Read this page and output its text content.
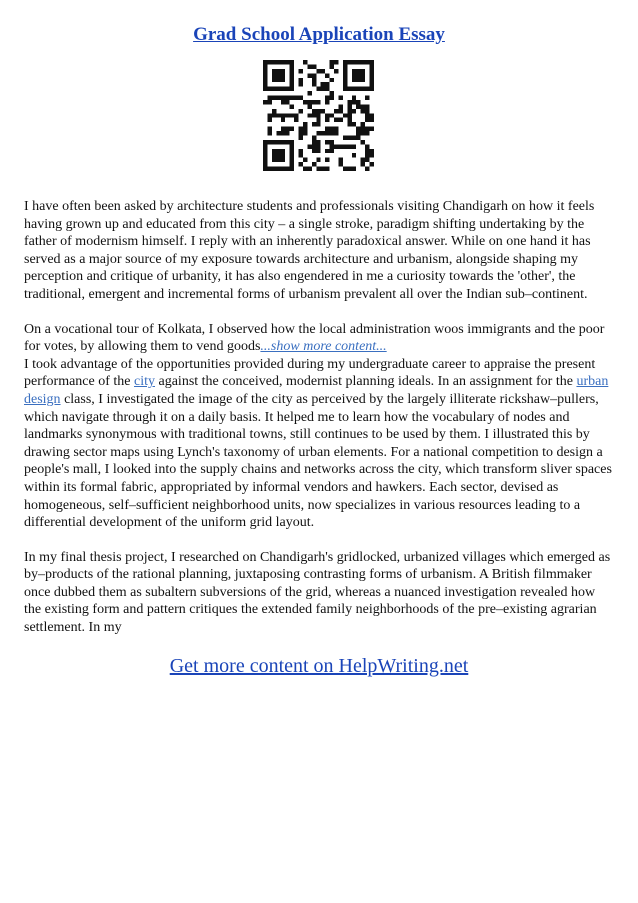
Grad School Application Essay

I have often been asked by architecture students and professionals visiting Chandigarh on how it feels having grown up and educated from this city – a single stroke, paradigm shifting undertaking by the father of modernism himself. I reply with an inherently paradoxical answer. While on one hand it has served as a major source of my exposure towards architecture and urbanism, alongside shaping my perception and critique of urbanity, it has also engendered in me a curiosity towards the 'other', the traditional, emergent and incremental forms of urbanism prevalent all over the Indian sub–continent.

On a vocational tour of Kolkata, I observed how the local administration woos immigrants and the poor for votes, by allowing them to vend goods...show more content...

I took advantage of the opportunities provided during my undergraduate career to appraise the present performance of the city against the conceived, modernist planning ideals. In an assignment for the urban design class, I investigated the image of the city as perceived by the largely illiterate rickshaw–pullers, which navigate through it on a daily basis. It helped me to learn how the vocabulary of nodes and landmarks synonymous with traditional towns, still continues to be used by them. I illustrated this by drawing sector maps using Lynch's taxonomy of urban elements. For a national competition to design a people's mall, I looked into the supply chains and networks across the city, which transform sliver spaces within its formal fabric, appropriated by informal vendors and hawkers. Each sector, devised as homogeneous, self–sufficient neighborhood units, now specializes in various resources leading to a differential development of the uniform grid layout.

In my final thesis project, I researched on Chandigarh's gridlocked, urbanized villages which emerged as by–products of the rational planning, juxtaposing contrasting forms of urbanism. A British filmmaker once dubbed them as subaltern subversions of the grid, whereas a nuanced investigation revealed how the existing form and pattern critiques the extended family neighborhoods of the pre–existing agrarian settlement. In my

Get more content on HelpWriting.net
